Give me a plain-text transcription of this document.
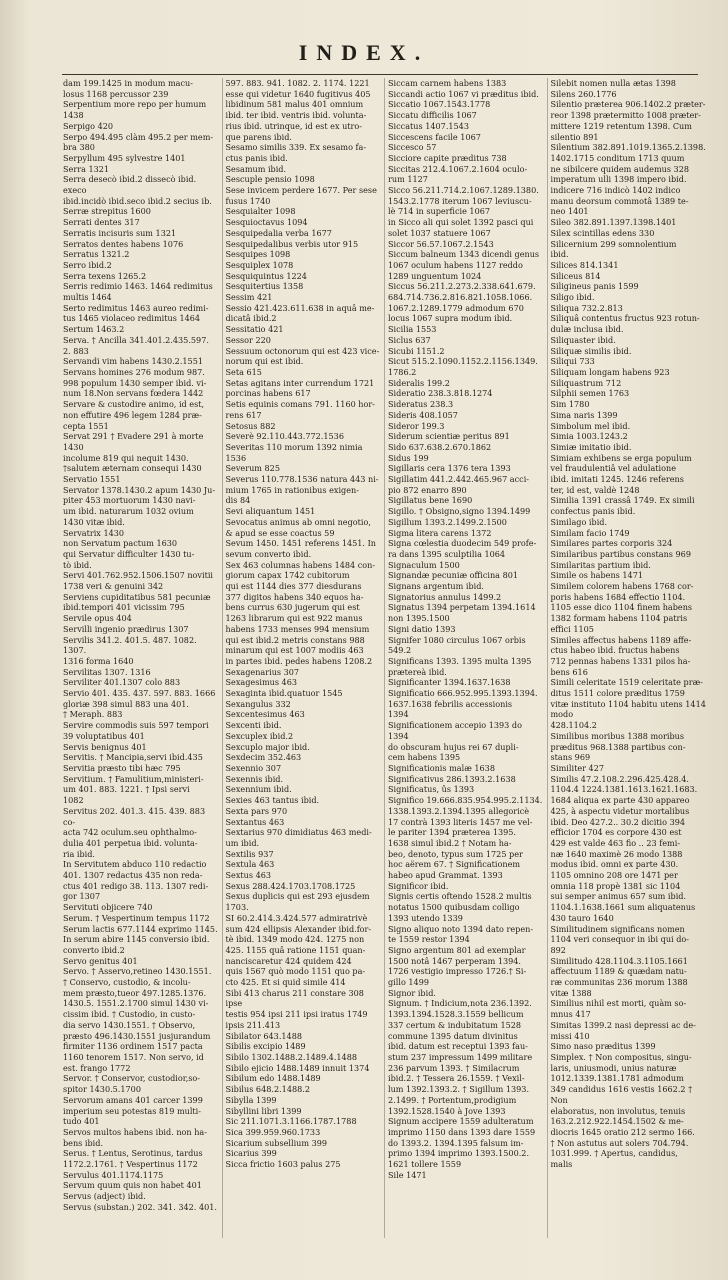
INDEX.

dam 199.1425 in modum macu-

losus 1168 percussor 239

Serpentium more repo per humum

1438

Serpigo 420

Serpo 494.495 clàm 495.2 per mem-

bra 380

Serpyllum 495 sylvestre 1401

Serra 1321

Serra desecò ibid.2 dissecò ibid. execo

ibid.incidò ibid.seco ibid.2 secius ib.

Serræ strepitus 1600

Serrati dentes 317

Serratis incisuris sum 1321

Serratos dentes habens 1076

Serratus 1321.2

Serro ibid.2

Serra texens 1265.2

Serris redimio 1463. 1464 redimitus

multis 1464

Serto redimitus 1463 aureo redimi-

tus 1465 violaceo redimitus 1464

Sertum 1463.2

Serva. † Ancilla 341.401.2.435.597.

2. 883

Servandi vim habens 1430.2.1551

Servans homines 276 modum 987.

998 populum 1430 semper ibid. vi-

num 18.Non servans fœdera 1442

Servare & custodire animo, id est,

non effutire 496 legem 1284 præ-

cepta 1551

Servat 291 † Evadere 291 à morte 1430

incolume 819 qui nequit 1430.

†salutem æternam consequi 1430

Servatio 1551

Servator 1378.1430.2 apum 1430 Ju-

piter 453 mortuorum 1430 navi-

um ibid. naturarum 1032 ovium

1430 vitæ ibid.

Servatrix 1430

non Servatum pactum 1630

qui Servatur difficulter 1430 tu-

tò ibid.

Servi 401.762.952.1506.1507 novitii

1738 veri & genuini 342

Serviens cupiditatibus 581 pecuniæ

ibid.tempori 401 vicissim 795

Servile opus 404

Servilli ingenio prædirus 1307

Servilis 341.2. 401.5. 487. 1082. 1307.

1316 forma 1640

Servilitas 1307. 1316

Serviliter 401.1307 colo 883

Servio 401. 435. 437. 597. 883. 1666

gloriæ 398 simul 883 una 401.

† Meraph. 883

Servire commodis suis 597 tempori

39 voluptatibus 401

Servis benignus 401

Servitis. † Mancipia,servi ibid.435

Servitia præsto tibi hæc 795

Servitium. † Famulitium,ministeri-

um 401. 883. 1221. † Ipsi servi

1082

Servitus 202. 401.3. 415. 439. 883 co-

acta 742 oculum.seu ophthalmo-

dulia 401 perpetua ibid. volunta-

ria ibid.

In Servitutem abduco 110 redactio

401. 1307 redactus 435 non reda-

ctus 401 redigo 38. 113. 1307 redi-

gor 1307

Servituti objicere 740

Serum. † Vespertinum tempus 1172

Serum lactis 677.1144 exprimo 1145.

In serum abire 1145 conversio ibid.

converto ibid.2

Servo genitus 401

Servo. † Asservo,retineo 1430.1551.

† Conservo, custodio, & incolu-

mem præsto,tueor 497.1285.1376.

1430.5. 1551.2.1700 simul 1430 vi-

cissim ibid. † Custodio, in custo-

dia servo 1430.1551. † Observo,

præsto 496.1430.1551 jusjurandum

firmiter 1136 ordinem 1517 pacta

1160 tenorem 1517. Non servo, id

est. frango 1772

Servor. † Conservor, custodior,so-

spitor 1430.5.1700

Servorum amans 401 carcer 1399

imperium seu potestas 819 multi-

tudo 401

Servos multos habens ibid. non ha-

bens ibid.

Serus. † Lentus, Serotinus, tardus

1172.2.1761. † Vespertinus 1172

Servulus 401.1174.1175

Servum quum quis non habet 401

Servus (adject) ibid.

Servus (substan.) 202. 341. 342. 401.

597. 883. 941. 1082. 2. 1174. 1221

esse qui videtur 1640 fugitivus 405

libidinum 581 malus 401 omnium

ibid. ter ibid. ventris ibid. volunta-

rius ibid. utrinque, id est ex utro-

que parens ibid.

Sesamo similis 339. Ex sesamo fa-

ctus panis ibid.

Sesamum ibid.

Sescuple pensio 1098

Sese invicem perdere 1677. Per sese

fusus 1740

Sesquialter 1098

Sesquioctavus 1094

Sesquipedalia verba 1677

Sesquipedalibus verbis utor 915

Sesquipes 1098

Sesquiplex 1078

Sesquiquintus 1224

Sesquitertius 1358

Sessim 421

Sessio 421.423.611.638 in aquâ me-

dicatâ ibid.2

Sessitatio 421

Sessor 220

Sessuum octonorum qui est 423 vice-

norum qui est ibid.

Seta 615

Setas agitans inter currendum 1721

porcinas habens 617

Setis equinis comans 791. 1160 hor-

rens 617

Setosus 882

Severè 92.110.443.772.1536

Severitas 110 morum 1392 nimia

1536

Severum 825

Severus 110.778.1536 natura 443 ni-

mium 1765 in rationibus exigen-

dis 84

Sevi aliquantum 1451

Sevocatus animus ab omni negotio,

& apud se esse coactus 59

Sevum 1450. 1451 referens 1451. In

sevum converto ibid.

Sex 463 columnas habens 1484 con-

giorum capax 1742 cubitorum

qui est 1144 dies 377 diesdurans

377 digitos habens 340 equos ha-

bens currus 630 jugerum qui est

1263 librarum qui est 922 manus

habens 1733 menses 994 mensium

qui est ibid.2 metris constans 988

minarum qui est 1007 modiis 463

in partes ibid. pedes habens 1208.2

Sexagenarius 307

Sexagesimus 463

Sexaginta ibid.quatuor 1545

Sexangulus 332

Sexcentesimus 463

Sexcenti ibid.

Sexcuplex ibid.2

Sexcuplo major ibid.

Sexdecim 352.463

Sexennio 307

Sexennis ibid.

Sexennium ibid.

Sexies 463 tantus ibid.

Sexta pars 970

Sextantus 463

Sextarius 970 dimidiatus 463 medi-

um ibid.

Sextilis 937

Sextula 463

Sextus 463

Sexus 288.424.1703.1708.1725

Sexus duplicis qui est 293 ejusdem

1703.

SI 60.2.414.3.424.577 admiratrivè

sum 424 ellipsis Alexander ibid.for-

tè ibid. 1349 modo 424. 1275 non

425. 1155 quâ ratione 1151 quan-

nanciscaretur 424 quidem 424

quis 1567 quò modo 1151 quo pa-

cto 425. Et si quid simile 414

Sibi 413 charus 211 constare 308 ipse

testis 954 ipsi 211 ipsi iratus 1749

ipsis 211.413

Sibilator 643.1488

Sibilis excipio 1489

Sibilo 1302.1488.2.1489.4.1488

Sibilo ejicio 1488.1489 innuit 1374

Sibilum edo 1488.1489

Sibilus 648.2.1488.2

Sibylla 1399

Sibyllini libri 1399

Sic 211.1071.3.1166.1787.1788

Sica 399.959.960.1733

Sicarium subsellium 399

Sicarius 399

Sicca frictio 1603 palus 275

Siccam carnem habens 1383

Siccandi actio 1067 vi præditus ibid.

Siccatio 1067.1543.1778

Siccatu difficilis 1067

Siccatus 1407.1543

Siccescens facile 1067

Siccesco 57

Sicciore capite præditus 738

Siccitas 212.4.1067.2.1604 oculo-

rum 1127

Sicco 56.211.714.2.1067.1289.1380.

1543.2.1778 iterum 1067 leviuscu-

lè 714 in superficie 1067

in Sicco ali qui solet 1392 pasci qui

solet 1037 statuere 1067

Siccor 56.57.1067.2.1543

Siccum balneum 1343 dicendi genus

1067 oculum habens 1127 reddo

1289 unguentum 1024

Siccus 56.211.2.273.2.338.641.679.

684.714.736.2.816.821.1058.1066.

1067.2.1289.1779 admodum 670

locus 1067 supra modum ibid.

Sicilia 1553

Siclus 637

Sicubi 1151.2

Sicut 515.2.1090.1152.2.1156.1349.

1786.2

Sideralis 199.2

Sideratio 238.3.818.1274

Sideratus 238.3

Sideris 408.1057

Sideror 199.3

Siderum scientiæ peritus 891

Sido 637.638.2.670.1862

Sidus 199

Sigillaris cera 1376 tera 1393

Sigillatim 441.2.442.465.967 acci-

pio 872 enarro 890

Sigillatus bene 1690

Sigillo. † Obsigno,signo 1394.1499

Sigillum 1393.2.1499.2.1500

Sigma litera carens 1372

Signa cœlestia duodecim 549 profe-

ra dans 1395 sculptilia 1064

Signaculum 1500

Signandæ pecuniæ officina 801

Signans argentum ibid.

Signatorius annulus 1499.2

Signatus 1394 perpetam 1394.1614

non 1395.1500

Signi datio 1393

Signifer 1080 circulus 1067 orbis

549.2

Significans 1393. 1395 multa 1395

prætereà ibid.

Significanter 1394.1637.1638

Significatio 666.952.995.1393.1394.

1637.1638 febrilis accessionis

1394

Significationem accepio 1393 do 1394

do obscuram hujus rei 67 dupli-

cem habens 1395

Significationis malæ 1638

Significativus 286.1393.2.1638

Significatus, ûs 1393

Significo 19.666.835.954.995.2.1134.

1338.1393.2.1394.1395 allegoricè

17 contrà 1393 literis 1457 me vel-

le pariter 1394 præterea 1395.

1638 simul ibid.2 † Notam ha-

beo, denoto, typus sum 1725 per

hoc aërem 67. † Significationem

habeo apud Grammat. 1393

Significor ibid.

Signis certis oftendo 1528.2 multis

notatus 1500 quibusdam colligo

1393 utendo 1339

Signo aliquo noto 1394 dato repen-

te 1559 restor 1394

Signo argentum 801 ad exemplar

1500 notâ 1467 perperam 1394.

1726 vestigio impresso 1726.† Si-

gillo 1499

Signor ibid.

Signum. † Indicium,nota 236.1392.

1393.1394.1528.3.1559 bellicum

337 certum & indubitatum 1528

commune 1395 datum divinitus

ibid. datum est receptui 1393 fau-

stum 237 impressum 1499 militare

236 parvum 1393. † Similacrum

ibid.2. † Tessera 26.1559. † Vexil-

lum 1392.1393.2. † Sigillum 1393.

2.1499. † Portentum,prodigium

1392.1528.1540 à Jove 1393

Signum accipere 1559 adulteratum

imprimo 1150 dans 1393 dare 1559

do 1393.2. 1394.1395 falsum im-

primo 1394 imprimo 1393.1500.2.

1621 tollere 1559

Sile 1471

Silebit nomen nulla ætas 1398

Silens 260.1776

Silentio præterea 906.1402.2 præter-

reor 1398 prætermitto 1008 præter-

mittere 1219 retentum 1398. Cum

silentio 891

Silentium 382.891.1019.1365.2.1398.

1402.1715 conditum 1713 quum

ne sibilcere quidem audemus 328

imperatum ulli 1398 impero ibid.

indicere 716 indicò 1402 indico

manu deorsum commotâ 1389 te-

neo 1401

Sileo 382.891.1397.1398.1401

Silex scintillas edens 330

Silicernium 299 somnolentium

ibid.

Silices 814.1341

Siliceus 814

Siligineus panis 1599

Siligo ibid.

Siliqua 732.2.813

Siliquâ contentus fructus 923 rotun-

dulæ inclusa ibid.

Siliquaster ibid.

Siliquæ similis ibid.

Siliqui 733

Siliquam longam habens 923

Siliquastrum 712

Silphii semen 1763

Sim 1780

Sima naris 1399

Simbolum mel ibid.

Simia 1003.1243.2

Simiæ imitatio ibid.

Simiam exhibens se erga populum

vel fraudulentiâ vel adulatione

ibid. imitati 1245. 1246 referens

ter, id est, valdè 1248

Similia 1391 crassâ 1749. Ex simili

confectus panis ibid.

Similago ibid.

Similam facio 1749

Similares partes corporis 324

Similaribus partibus constans 969

Similaritas partium ibid.

Simile os habens 1471

Similem colorem habens 1768 cor-

poris habens 1684 effectio 1104.

1105 esse dico 1104 finem habens

1382 formam habens 1104 patris

effici 1105

Similes affectus habens 1189 affe-

ctus habeo ibid. fructus habens

712 pennas habens 1331 pilos ha-

bens 616

Simili celeritate 1519 celeritate præ-

ditus 1511 colore præditus 1759

vitæ instituto 1104 habitu utens 1414 modo

428.1104.2

Similibus moribus 1388 moribus

præditus 968.1388 partibus con-

stans 969

Similiter 427

Similis 47.2.108.2.296.425.428.4.

1104.4 1224.1381.1613.1621.1683.

1684 aliqua ex parte 430 appareo

425, à aspectu videtur mortalibus

ibid. Deo 427.2.. 30.2 dicitio 394

efficior 1704 es corpore 430 est

429 est valde 463 fio .. 23 femi-

næ 1640 maximè 26 modo 1388

modus ibid. omni ex parte 430.

1105 omnino 208 ore 1471 per

omnia 118 propè 1381 sic 1104

sui semper animus 657 sum ibid.

1104.1.1638.1661 sum aliquatenus

430 tauro 1640

Similitudinem significans nomen

1104 veri consequor in ibi qui do-

892

Similitudo 428.1104.3.1105.1661

affectuum 1189 & quædam natu-

ræ communitas 236 morum 1388

vitæ 1388

Similius nihil est morti, quàm so-

mnus 417

Simitas 1399.2 nasi depressi ac de-

missi 410

Simo naso præditus 1399

Simplex. † Non compositus, singu-

laris, uniusmodi, unius naturæ

1012.1339.1381.1781 admodum

349 candidus 1616 vestis 1662.2 † Non

elaboratus, non involutus, tenuis

163.2.212.922.1454.1502 & me-

diocris 1645 oratio 212 sermo 166.

† Non astutus aut solers 704.794.

1031.999. † Apertus, candidus,

malis
